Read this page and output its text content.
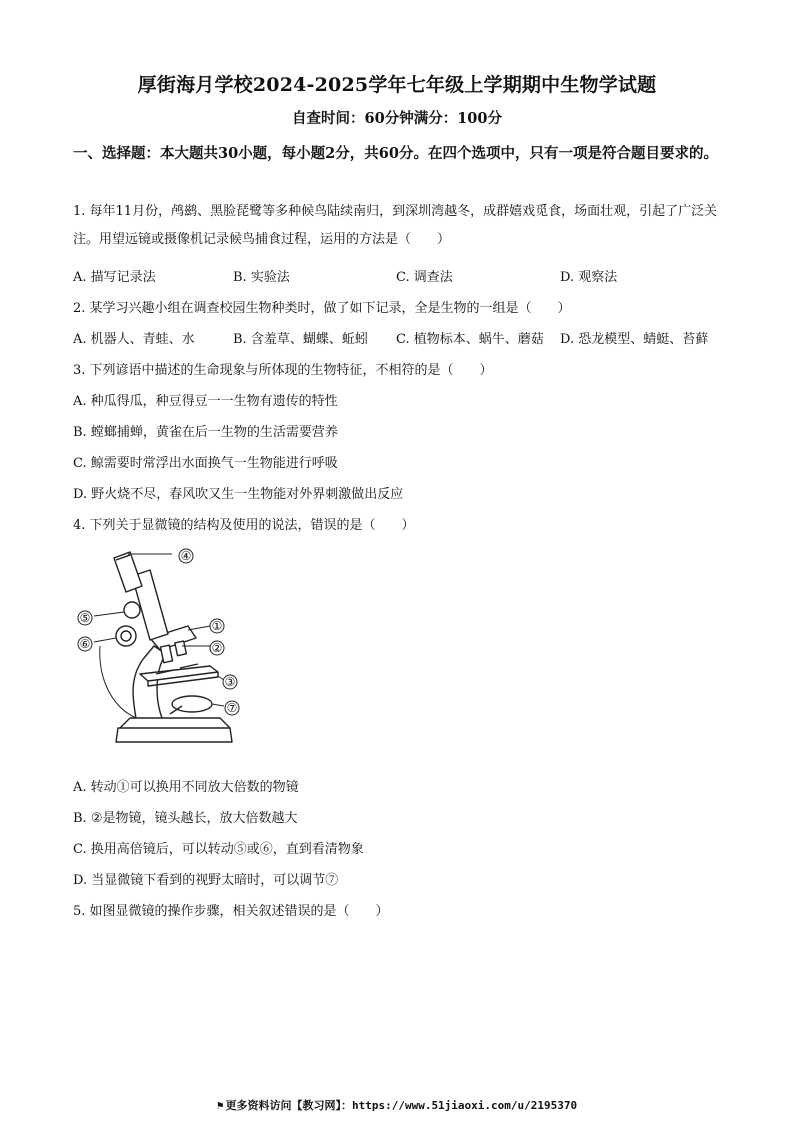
厚街海月学校2024-2025学年七年级上学期期中生物学试题
自查时间：60分钟满分：100分
一、选择题：本大题共30小题，每小题2分，共60分。在四个选项中，只有一项是符合题目要求的。
1. 每年11月份，鸬鹚、黑脸琵鹭等多种候鸟陆续南归，到深圳湾越冬，成群嬉戏觅食，场面壮观，引起了广泛关注。用望远镜或摄像机记录候鸟捕食过程，运用的方法是（　　）
A. 描写记录法	B. 实验法	C. 调查法	D. 观察法
2. 某学习兴趣小组在调查校园生物种类时，做了如下记录，全是生物的一组是（　　）
A. 机器人、青蛙、水	B. 含羞草、蝴蝶、蚯蚓 C. 植物标本、蜗牛、蘑菇 D. 恐龙模型、蜻蜓、苔藓
3. 下列谚语中描述的生命现象与所体现的生物特征，不相符的是（　　）
A. 种瓜得瓜，种豆得豆一一生物有遗传的特性
B. 螳螂捕蝉，黄雀在后一生物的生活需要营养
C. 鲸需要时常浮出水面换气一生物能进行呼吸
D. 野火烧不尽，春风吹又生一生物能对外界刺激做出反应
4. 下列关于显微镜的结构及使用的说法，错误的是（　　）
④
①
②
③
⑦
⑤
⑥
A. 转动①可以换用不同放大倍数的物镜
B. ②是物镜，镜头越长，放大倍数越大
C. 换用高倍镜后，可以转动⑤或⑥，直到看清物象
D. 当显微镜下看到的视野太暗时，可以调节⑦
5. 如图显微镜的操作步骤，相关叙述错误的是（　　）
⚑ 更多资料访问【教习网】：https://www.51jiaoxi.com/u/2195370
